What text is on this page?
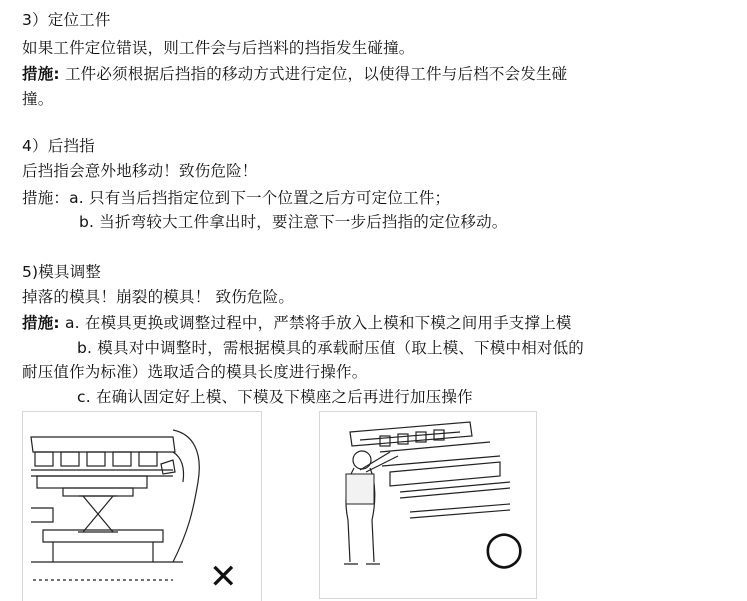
3）定位工件
如果工件定位错误，则工件会与后挡料的挡指发生碰撞。
措施: 工件必须根据后挡指的移动方式进行定位，以使得工件与后档不会发生碰
撞。
4）后挡指
后挡指会意外地移动！致伤危险！
措施：a. 只有当后挡指定位到下一个位置之后方可定位工件；
b. 当折弯较大工件拿出时，要注意下一步后挡指的定位移动。
5)模具调整
掉落的模具！崩裂的模具！ 致伤危险。
措施: a. 在模具更换或调整过程中，严禁将手放入上模和下模之间用手支撑上模
b. 模具对中调整时，需根据模具的承载耐压值（取上模、下模中相对低的
耐压值作为标准）选取适合的模具长度进行操作。
c. 在确认固定好上模、下模及下模座之后再进行加压操作
✕
○
